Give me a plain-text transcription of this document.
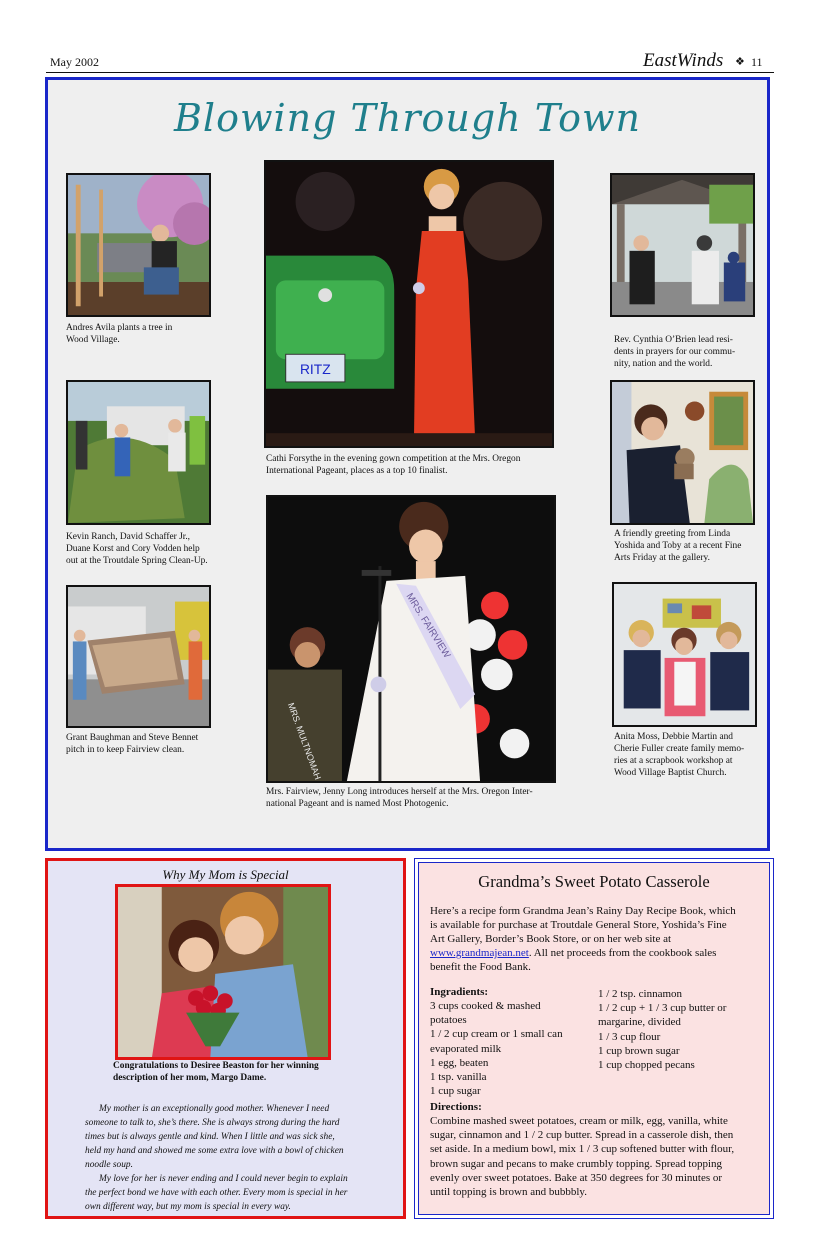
May 2002	EastWinds ❖ 11
Blowing Through Town
Andres Avila plants a tree in
Wood Village.
Kevin Ranch, David Schaffer Jr.,
Duane Korst and Cory Vodden help
out at the Troutdale Spring Clean-Up.
Grant Baughman and Steve Bennet
pitch in to keep Fairview clean.
RITZ
Cathi Forsythe in the evening gown competition at the Mrs. Oregon
International Pageant, places as a top 10 finalist.
MRS. MULTNOMAH
MRS. FAIRVIEW
Mrs. Fairview, Jenny Long introduces herself at the Mrs. Oregon Inter-
national Pageant and is named Most Photogenic.
Rev. Cynthia O’Brien lead resi-
dents in prayers for our commu-
nity, nation and the world.
A friendly greeting from Linda
Yoshida and Toby at a recent Fine
Arts Friday at the gallery.
Anita Moss, Debbie Martin and
Cherie Fuller create family memo-
ries at a scrapbook workshop at
Wood Village Baptist Church.
Why My Mom is Special
Congratulations to Desiree Beaston for her winning
description of her mom, Margo Dame.
My mother is an exceptionally good mother. Whenever I need
someone to talk to, she’s there. She is always strong during the hard
times but is always gentle and kind. When I little and was sick she,
held my hand and showed me some extra love with a bowl of chicken
noodle soup.
My love for her is never ending and I could never begin to explain
the perfect bond we have with each other. Every mom is special in her
own different way, but my mom is special in every way.
Grandma’s Sweet Potato Casserole
Here’s a recipe form Grandma Jean’s Rainy Day Recipe Book, which
is available for purchase at Troutdale General Store, Yoshida’s Fine
Art Gallery, Border’s Book Store, or on her web site at
www.grandmajean.net. All net proceeds from the cookbook sales
benefit the Food Bank.
Ingradients:
3 cups cooked & mashed
potatoes
1 / 2 cup cream or 1 small can
evaporated milk
1 egg, beaten
1 tsp. vanilla
1 cup sugar
1 / 2 tsp. cinnamon
1 / 2 cup + 1 / 3 cup butter or
margarine, divided
1 / 3 cup flour
1 cup brown sugar
1 cup chopped pecans
Directions:
Combine mashed sweet potatoes, cream or milk, egg, vanilla, white
sugar, cinnamon and 1 / 2 cup butter. Spread in a casserole dish, then
set aside. In a medium bowl, mix 1 / 3 cup softened butter with flour,
brown sugar and pecans to make crumbly topping. Spread topping
evenly over sweet potatoes. Bake at 350 degrees for 30 minutes or
until topping is brown and bubbbly.
